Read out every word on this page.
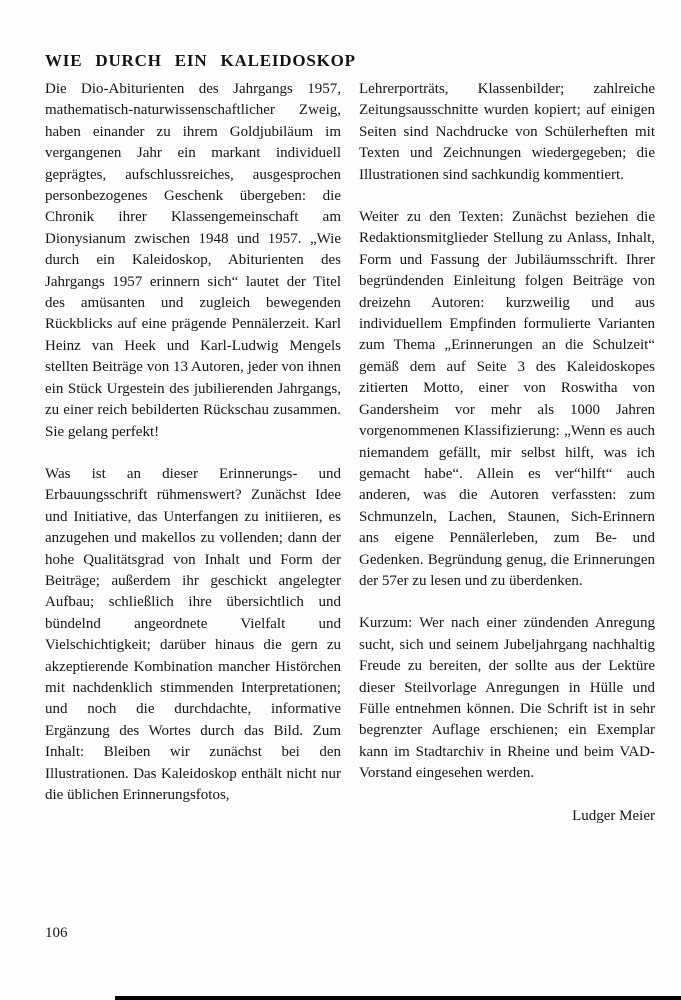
WIE DURCH EIN KALEIDOSKOP

Die Dio-Abiturienten des Jahrgangs 1957, mathematisch-naturwissenschaftlicher Zweig, haben einander zu ihrem Goldjubiläum im vergangenen Jahr ein markant individuell geprägtes, aufschlussreiches, ausgesprochen personbezogenes Geschenk übergeben: die Chronik ihrer Klassengemeinschaft am Dionysianum zwischen 1948 und 1957. „Wie durch ein Kaleidoskop, Abiturienten des Jahrgangs 1957 erinnern sich“ lautet der Titel des amüsanten und zugleich bewegenden Rückblicks auf eine prägende Pennälerzeit. Karl Heinz van Heek und Karl-Ludwig Mengels stellten Beiträge von 13 Autoren, jeder von ihnen ein Stück Urgestein des jubilierenden Jahrgangs, zu einer reich bebilderten Rückschau zusammen. Sie gelang perfekt!

Was ist an dieser Erinnerungs- und Erbauungsschrift rühmenswert? Zunächst Idee und Initiative, das Unterfangen zu initiieren, es anzugehen und makellos zu vollenden; dann der hohe Qualitätsgrad von Inhalt und Form der Beiträge; außerdem ihr geschickt angelegter Aufbau; schließlich ihre übersichtlich und bündelnd angeordnete Vielfalt und Vielschichtigkeit; darüber hinaus die gern zu akzeptierende Kombination mancher Histörchen mit nachdenklich stimmenden Interpretationen; und noch die durchdachte, informative Ergänzung des Wortes durch das Bild. Zum Inhalt: Bleiben wir zunächst bei den Illustrationen. Das Kaleidoskop enthält nicht nur die üblichen Erinnerungsfotos,

Lehrerporträts, Klassenbilder; zahlreiche Zeitungsausschnitte wurden kopiert; auf einigen Seiten sind Nachdrucke von Schülerheften mit Texten und Zeichnungen wiedergegeben; die Illustrationen sind sachkundig kommentiert.

Weiter zu den Texten: Zunächst beziehen die Redaktionsmitglieder Stellung zu Anlass, Inhalt, Form und Fassung der Jubiläumsschrift. Ihrer begründenden Einleitung folgen Beiträge von dreizehn Autoren: kurzweilig und aus individuellem Empfinden formulierte Varianten zum Thema „Erinnerungen an die Schulzeit“ gemäß dem auf Seite 3 des Kaleidoskopes zitierten Motto, einer von Roswitha von Gandersheim vor mehr als 1000 Jahren vorgenommenen Klassifizierung: „Wenn es auch niemandem gefällt, mir selbst hilft, was ich gemacht habe“. Allein es ver“hilft“ auch anderen, was die Autoren verfassten: zum Schmunzeln, Lachen, Staunen, Sich-Erinnern ans eigene Pennälerleben, zum Be- und Gedenken. Begründung genug, die Erinnerungen der 57er zu lesen und zu überdenken.

Kurzum: Wer nach einer zündenden Anregung sucht, sich und seinem Jubeljahrgang nachhaltig Freude zu bereiten, der sollte aus der Lektüre dieser Steilvorlage Anregungen in Hülle und Fülle entnehmen können. Die Schrift ist in sehr begrenzter Auflage erschienen; ein Exemplar kann im Stadtarchiv in Rheine und beim VAD-Vorstand eingesehen werden.

Ludger Meier

106
